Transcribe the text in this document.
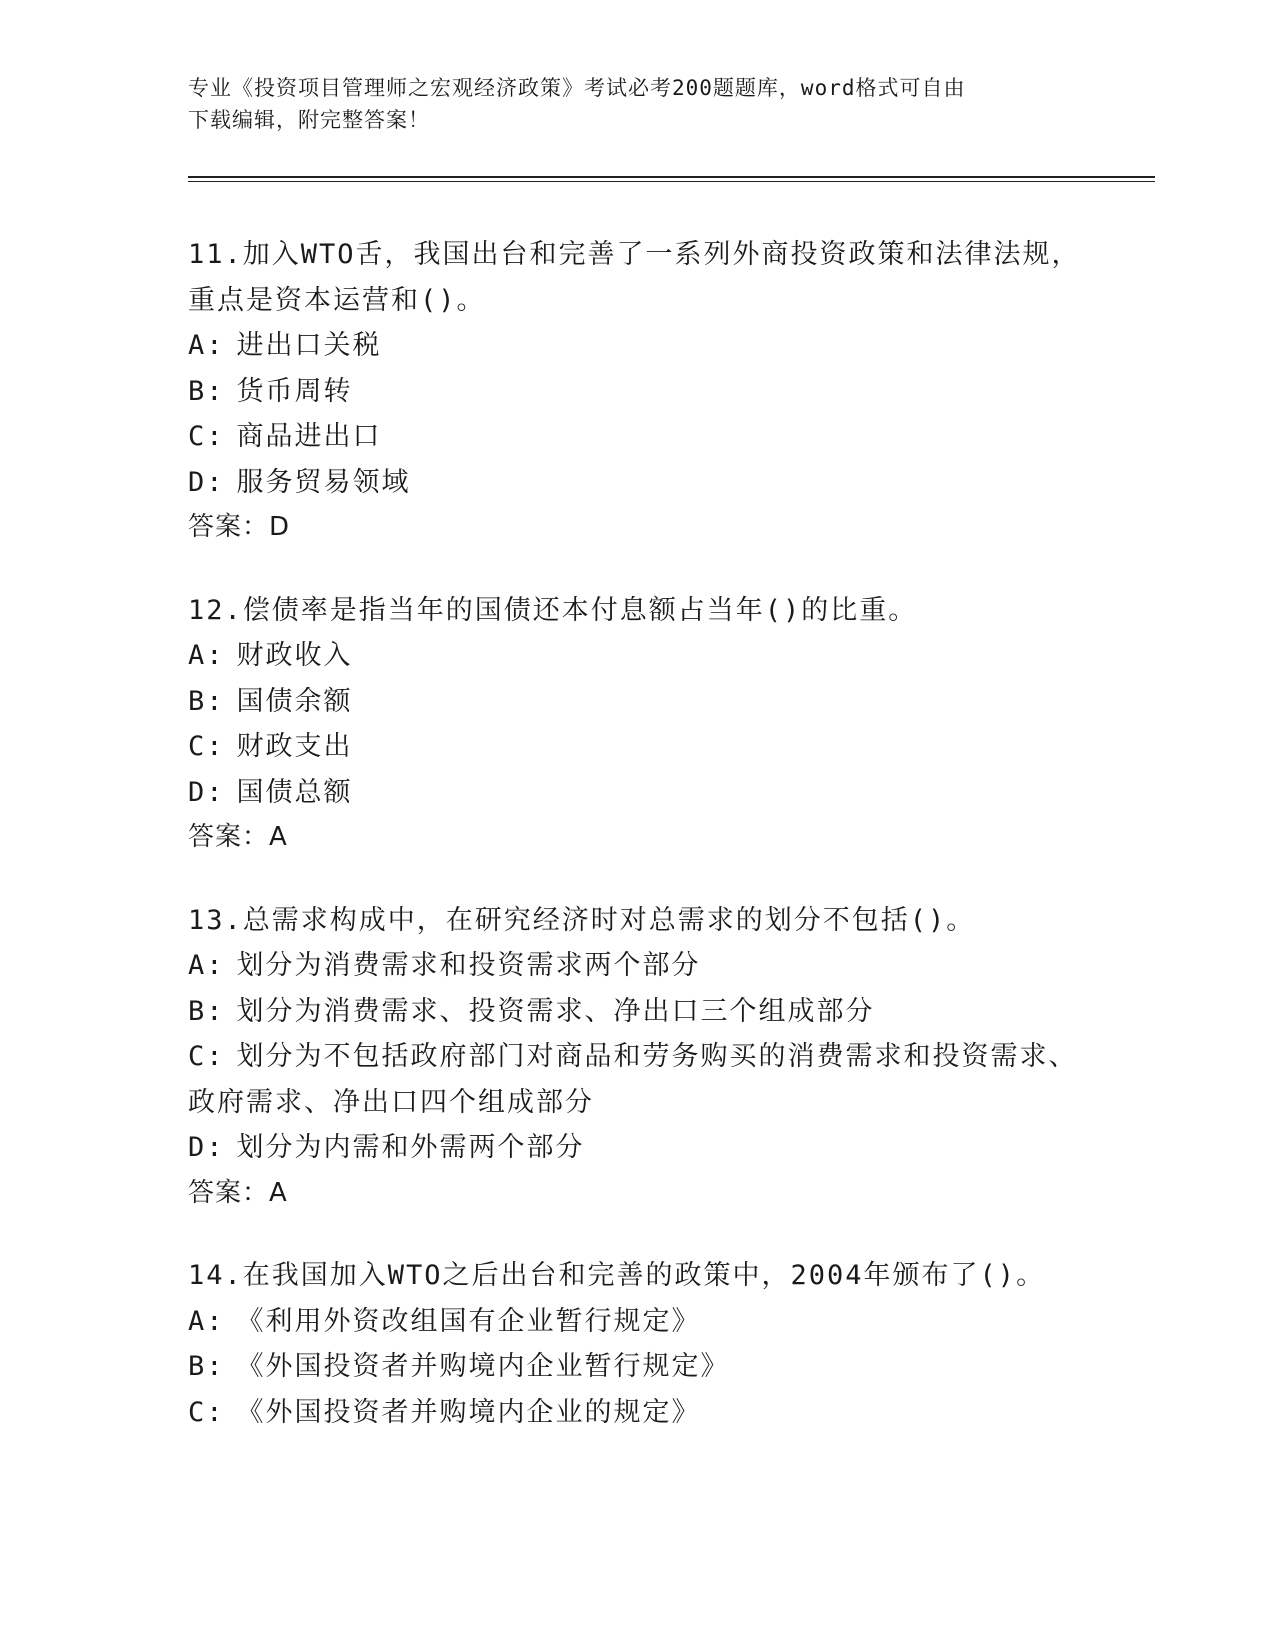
专业《投资项目管理师之宏观经济政策》考试必考200题题库，word格式可自由
下载编辑，附完整答案！
11.加入WTO舌，我国出台和完善了一系列外商投资政策和法律法规，
重点是资本运营和()。
A: 进出口关税
B: 货币周转
C: 商品进出口
D: 服务贸易领域
答案：D
12.偿债率是指当年的国债还本付息额占当年()的比重。
A: 财政收入
B: 国债余额
C: 财政支出
D: 国债总额
答案：A
13.总需求构成中，在研究经济时对总需求的划分不包括()。
A: 划分为消费需求和投资需求两个部分
B: 划分为消费需求、投资需求、净出口三个组成部分
C: 划分为不包括政府部门对商品和劳务购买的消费需求和投资需求、
政府需求、净出口四个组成部分
D: 划分为内需和外需两个部分
答案：A
14.在我国加入WTO之后出台和完善的政策中，2004年颁布了()。
A: 《利用外资改组国有企业暂行规定》
B: 《外国投资者并购境内企业暂行规定》
C: 《外国投资者并购境内企业的规定》
